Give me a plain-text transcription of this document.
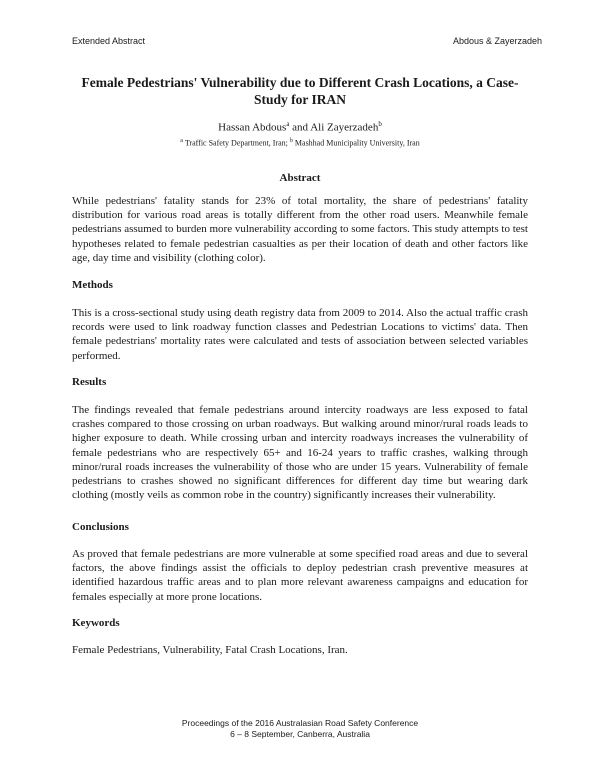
Extended Abstract	Abdous & Zayerzadeh
Female Pedestrians' Vulnerability due to Different Crash Locations, a Case-Study for IRAN
Hassan Abdous$^a$ and Ali Zayerzadeh$^b$
$^a$ Traffic Safety Department, Iran; $^b$ Mashhad Municipality University, Iran
Abstract

While pedestrians' fatality stands for 23% of total mortality, the share of pedestrians' fatality distribution for various road areas is totally different from the other road users. Meanwhile female pedestrians assumed to burden more vulnerability according to some factors. This study attempts to test hypotheses related to female pedestrian casualties as per their location of death and other factors like age, day time and visibility (clothing color).

Methods

This is a cross-sectional study using death registry data from 2009 to 2014. Also the actual traffic crash records were used to link roadway function classes and Pedestrian Locations to victims' data. Then female pedestrians' mortality rates were calculated and tests of association between selected variables performed.

Results

The findings revealed that female pedestrians around intercity roadways are less exposed to fatal crashes compared to those crossing on urban roadways. But walking around minor/rural roads leads to higher exposure to death. While crossing urban and intercity roadways increases the vulnerability of female pedestrians who are respectively 65+ and 16-24 years to traffic crashes, walking through minor/rural roads increases the vulnerability of those who are under 15 years. Vulnerability of female pedestrians to crashes showed no significant differences for different day time but wearing dark clothing (mostly veils as common robe in the country) significantly increases their vulnerability.

Conclusions

As proved that female pedestrians are more vulnerable at some specified road areas and due to several factors, the above findings assist the officials to deploy pedestrian crash preventive measures at identified hazardous traffic areas and to plan more relevant awareness campaigns and education for females especially at more prone locations.

Keywords

Female Pedestrians, Vulnerability, Fatal Crash Locations, Iran.

Proceedings of the 2016 Australasian Road Safety Conference
6 – 8 September, Canberra, Australia
